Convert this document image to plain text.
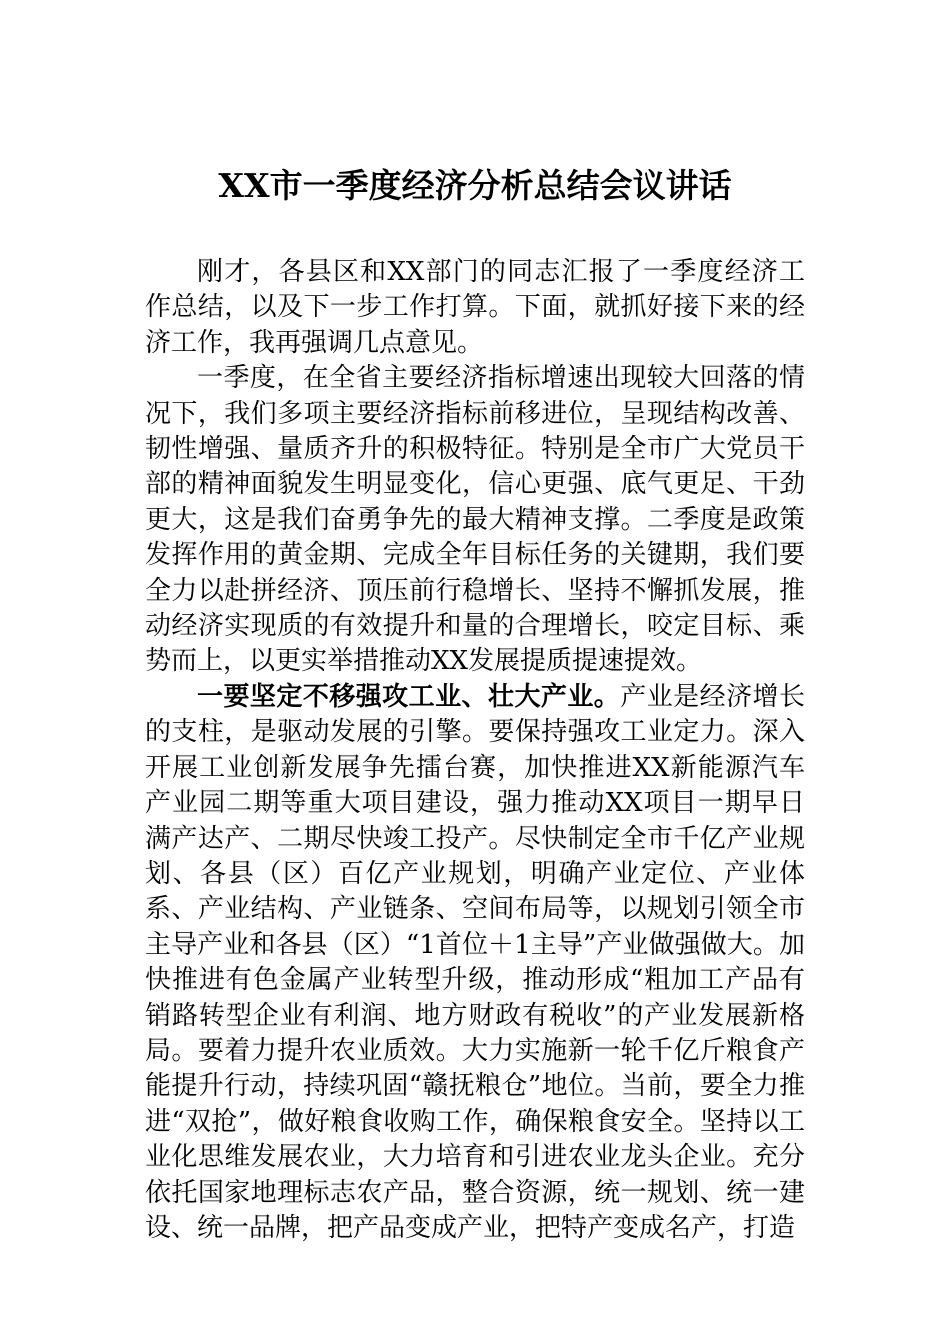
XX市一季度经济分析总结会议讲话

刚才，各县区和XX部门的同志汇报了一季度经济工作总结，以及下一步工作打算。下面，就抓好接下来的经济工作，我再强调几点意见。

一季度，在全省主要经济指标增速出现较大回落的情况下，我们多项主要经济指标前移进位，呈现结构改善、韧性增强、量质齐升的积极特征。特别是全市广大党员干部的精神面貌发生明显变化，信心更强、底气更足、干劲更大，这是我们奋勇争先的最大精神支撑。二季度是政策发挥作用的黄金期、完成全年目标任务的关键期，我们要全力以赴拼经济、顶压前行稳增长、坚持不懈抓发展，推动经济实现质的有效提升和量的合理增长，咬定目标、乘势而上，以更实举措推动XX发展提质提速提效。

一要坚定不移强攻工业、壮大产业。产业是经济增长的支柱，是驱动发展的引擎。要保持强攻工业定力。深入开展工业创新发展争先擂台赛，加快推进XX新能源汽车产业园二期等重大项目建设，强力推动XX项目一期早日满产达产、二期尽快竣工投产。尽快制定全市千亿产业规划、各县（区）百亿产业规划，明确产业定位、产业体系、产业结构、产业链条、空间布局等，以规划引领全市主导产业和各县（区）“1首位＋1主导”产业做强做大。加快推进有色金属产业转型升级，推动形成“粗加工产品有销路转型企业有利润、地方财政有税收”的产业发展新格局。要着力提升农业质效。大力实施新一轮千亿斤粮食产能提升行动，持续巩固“赣抚粮仓”地位。当前，要全力推进“双抢”，做好粮食收购工作，确保粮食安全。坚持以工业化思维发展农业，大力培育和引进农业龙头企业。充分依托国家地理标志农产品，整合资源，统一规划、统一建设、统一品牌，把产品变成产业，把特产变成名产，打造
